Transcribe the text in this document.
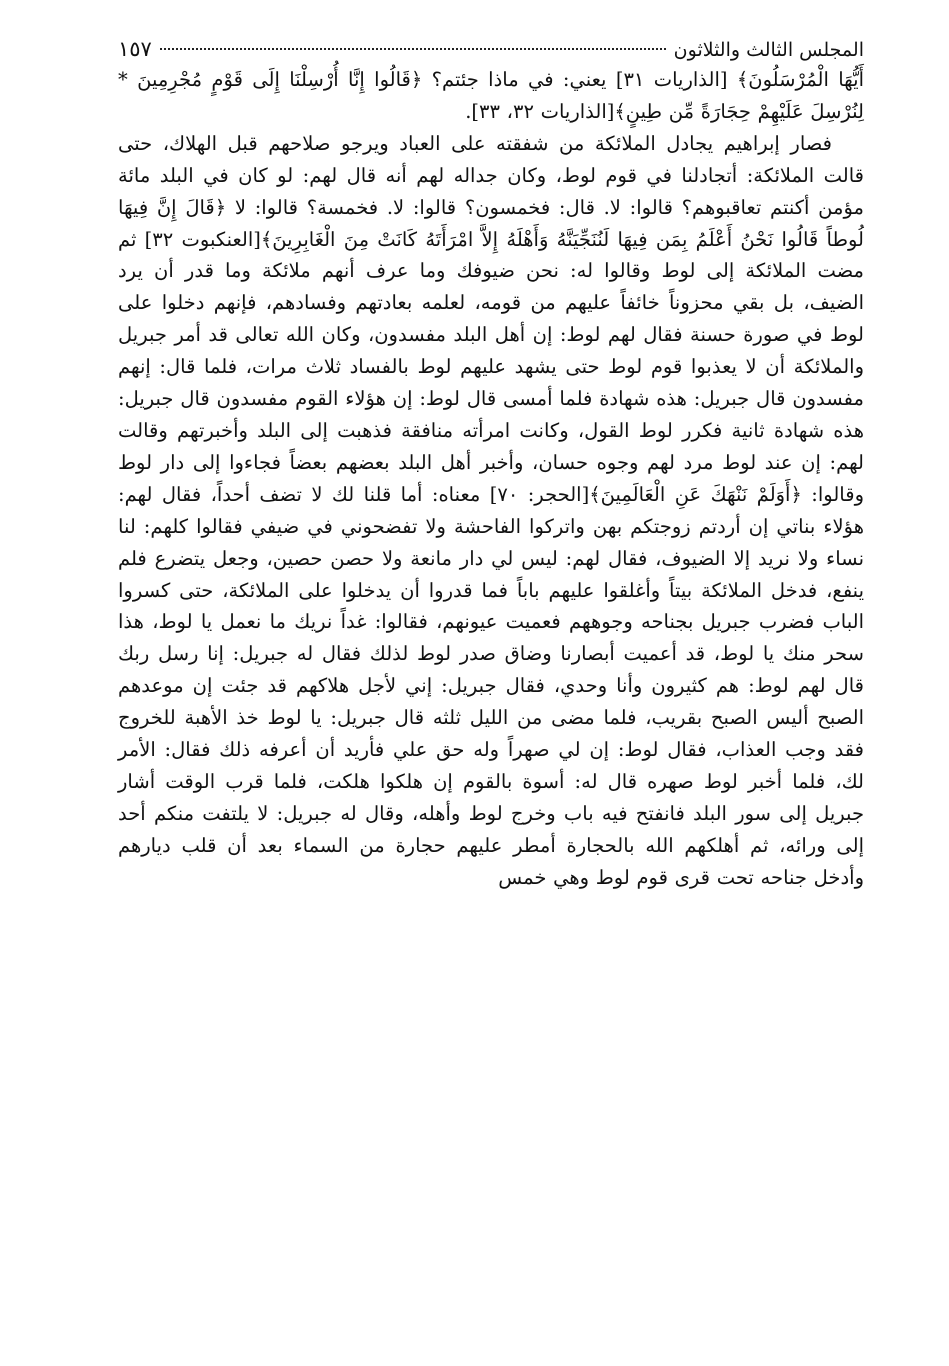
المجلس الثالث والثلاثون
١٥٧

أَيُّهَا الْمُرْسَلُونَ﴾ [الذاريات ٣١] يعني: في ماذا جئتم؟ ﴿قَالُوا إِنَّا أُرْسِلْنَا إِلَى قَوْمٍ مُجْرِمِينَ * لِنُرْسِلَ عَلَيْهِمْ حِجَارَةً مِّن طِينٍ﴾[الذاريات ٣٢، ٣٣].

فصار إبراهيم يجادل الملائكة من شفقته على العباد ويرجو صلاحهم قبل الهلاك، حتى قالت الملائكة: أتجادلنا في قوم لوط، وكان جداله لهم أنه قال لهم: لو كان في البلد مائة مؤمن أكنتم تعاقبوهم؟ قالوا: لا. قال: فخمسون؟ قالوا: لا. فخمسة؟ قالوا: لا ﴿قَالَ إِنَّ فِيهَا لُوطاً قَالُوا نَحْنُ أَعْلَمُ بِمَن فِيهَا لَنُنَجِّيَنَّهُ وَأَهْلَهُ إِلاَّ امْرَأَتَهُ كَانَتْ مِنَ الْغَابِرِينَ﴾[العنكبوت ٣٢] ثم مضت الملائكة إلى لوط وقالوا له: نحن ضيوفك وما عرف أنهم ملائكة وما قدر أن يرد الضيف، بل بقي محزوناً خائفاً عليهم من قومه، لعلمه بعادتهم وفسادهم، فإنهم دخلوا على لوط في صورة حسنة فقال لهم لوط: إن أهل البلد مفسدون، وكان الله تعالى قد أمر جبريل والملائكة أن لا يعذبوا قوم لوط حتى يشهد عليهم لوط بالفساد ثلاث مرات، فلما قال: إنهم مفسدون قال جبريل: هذه شهادة فلما أمسى قال لوط: إن هؤلاء القوم مفسدون قال جبريل: هذه شهادة ثانية فكرر لوط القول، وكانت امرأته منافقة فذهبت إلى البلد وأخبرتهم وقالت لهم: إن عند لوط مرد لهم وجوه حسان، وأخبر أهل البلد بعضهم بعضاً فجاءوا إلى دار لوط وقالوا: ﴿أَوَلَمْ نَنْهَكَ عَنِ الْعَالَمِينَ﴾[الحجر: ٧٠] معناه: أما قلنا لك لا تضف أحداً، فقال لهم: هؤلاء بناتي إن أردتم زوجتكم بهن واتركوا الفاحشة ولا تفضحوني في ضيفي فقالوا كلهم: لنا نساء ولا نريد إلا الضيوف، فقال لهم: ليس لي دار مانعة ولا حصن حصين، وجعل يتضرع فلم ينفع، فدخل الملائكة بيتاً وأغلقوا عليهم باباً فما قدروا أن يدخلوا على الملائكة، حتى كسروا الباب فضرب جبريل بجناحه وجوههم فعميت عيونهم، فقالوا: غداً نريك ما نعمل يا لوط، هذا سحر منك يا لوط، قد أعميت أبصارنا وضاق صدر لوط لذلك فقال له جبريل: إنا رسل ربك قال لهم لوط: هم كثيرون وأنا وحدي، فقال جبريل: إني لأجل هلاكهم قد جئت إن موعدهم الصبح أليس الصبح بقريب، فلما مضى من الليل ثلثه قال جبريل: يا لوط خذ الأهبة للخروج فقد وجب العذاب، فقال لوط: إن لي صهراً وله حق علي فأريد أن أعرفه ذلك فقال: الأمر لك، فلما أخبر لوط صهره قال له: أسوة بالقوم إن هلكوا هلكت، فلما قرب الوقت أشار جبريل إلى سور البلد فانفتح فيه باب وخرج لوط وأهله، وقال له جبريل: لا يلتفت منكم أحد إلى ورائه، ثم أهلكهم الله بالحجارة أمطر عليهم حجارة من السماء بعد أن قلب ديارهم وأدخل جناحه تحت قرى قوم لوط وهي خمس
